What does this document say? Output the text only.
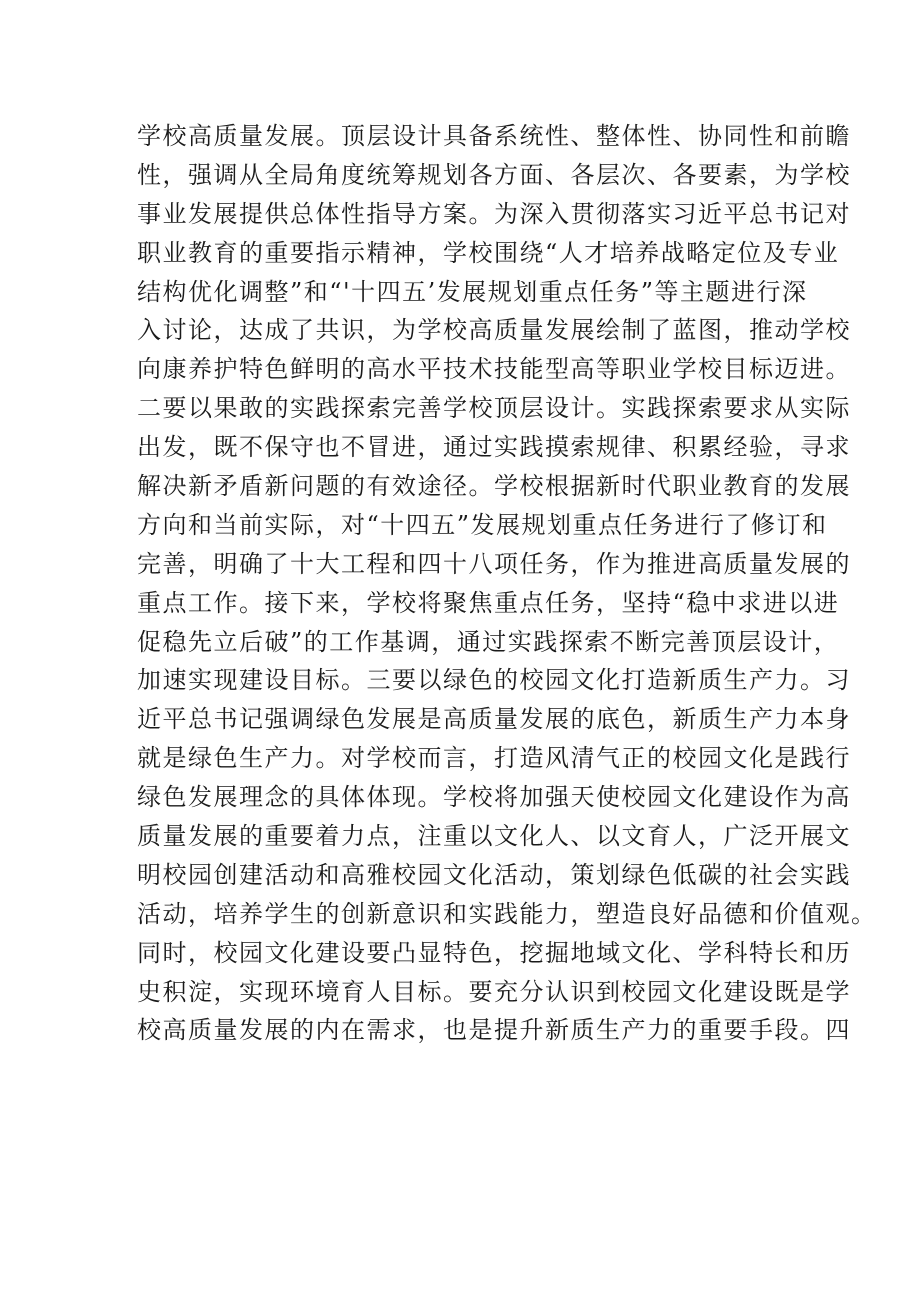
学校高质量发展。顶层设计具备系统性、整体性、协同性和前瞻
性，强调从全局角度统筹规划各方面、各层次、各要素，为学校
事业发展提供总体性指导方案。为深入贯彻落实习近平总书记对
职业教育的重要指示精神，学校围绕“人才培养战略定位及专业
结构优化调整”和“'十四五’发展规划重点任务”等主题进行深
入讨论，达成了共识，为学校高质量发展绘制了蓝图，推动学校
向康养护特色鲜明的高水平技术技能型高等职业学校目标迈进。
二要以果敢的实践探索完善学校顶层设计。实践探索要求从实际
出发，既不保守也不冒进，通过实践摸索规律、积累经验，寻求
解决新矛盾新问题的有效途径。学校根据新时代职业教育的发展
方向和当前实际，对“十四五”发展规划重点任务进行了修订和
完善，明确了十大工程和四十八项任务，作为推进高质量发展的
重点工作。接下来，学校将聚焦重点任务，坚持“稳中求进以进
促稳先立后破”的工作基调，通过实践探索不断完善顶层设计，
加速实现建设目标。三要以绿色的校园文化打造新质生产力。习
近平总书记强调绿色发展是高质量发展的底色，新质生产力本身
就是绿色生产力。对学校而言，打造风清气正的校园文化是践行
绿色发展理念的具体体现。学校将加强天使校园文化建设作为高
质量发展的重要着力点，注重以文化人、以文育人，广泛开展文
明校园创建活动和高雅校园文化活动，策划绿色低碳的社会实践
活动，培养学生的创新意识和实践能力，塑造良好品德和价值观。
同时，校园文化建设要凸显特色，挖掘地域文化、学科特长和历
史积淀，实现环境育人目标。要充分认识到校园文化建设既是学
校高质量发展的内在需求，也是提升新质生产力的重要手段。四
